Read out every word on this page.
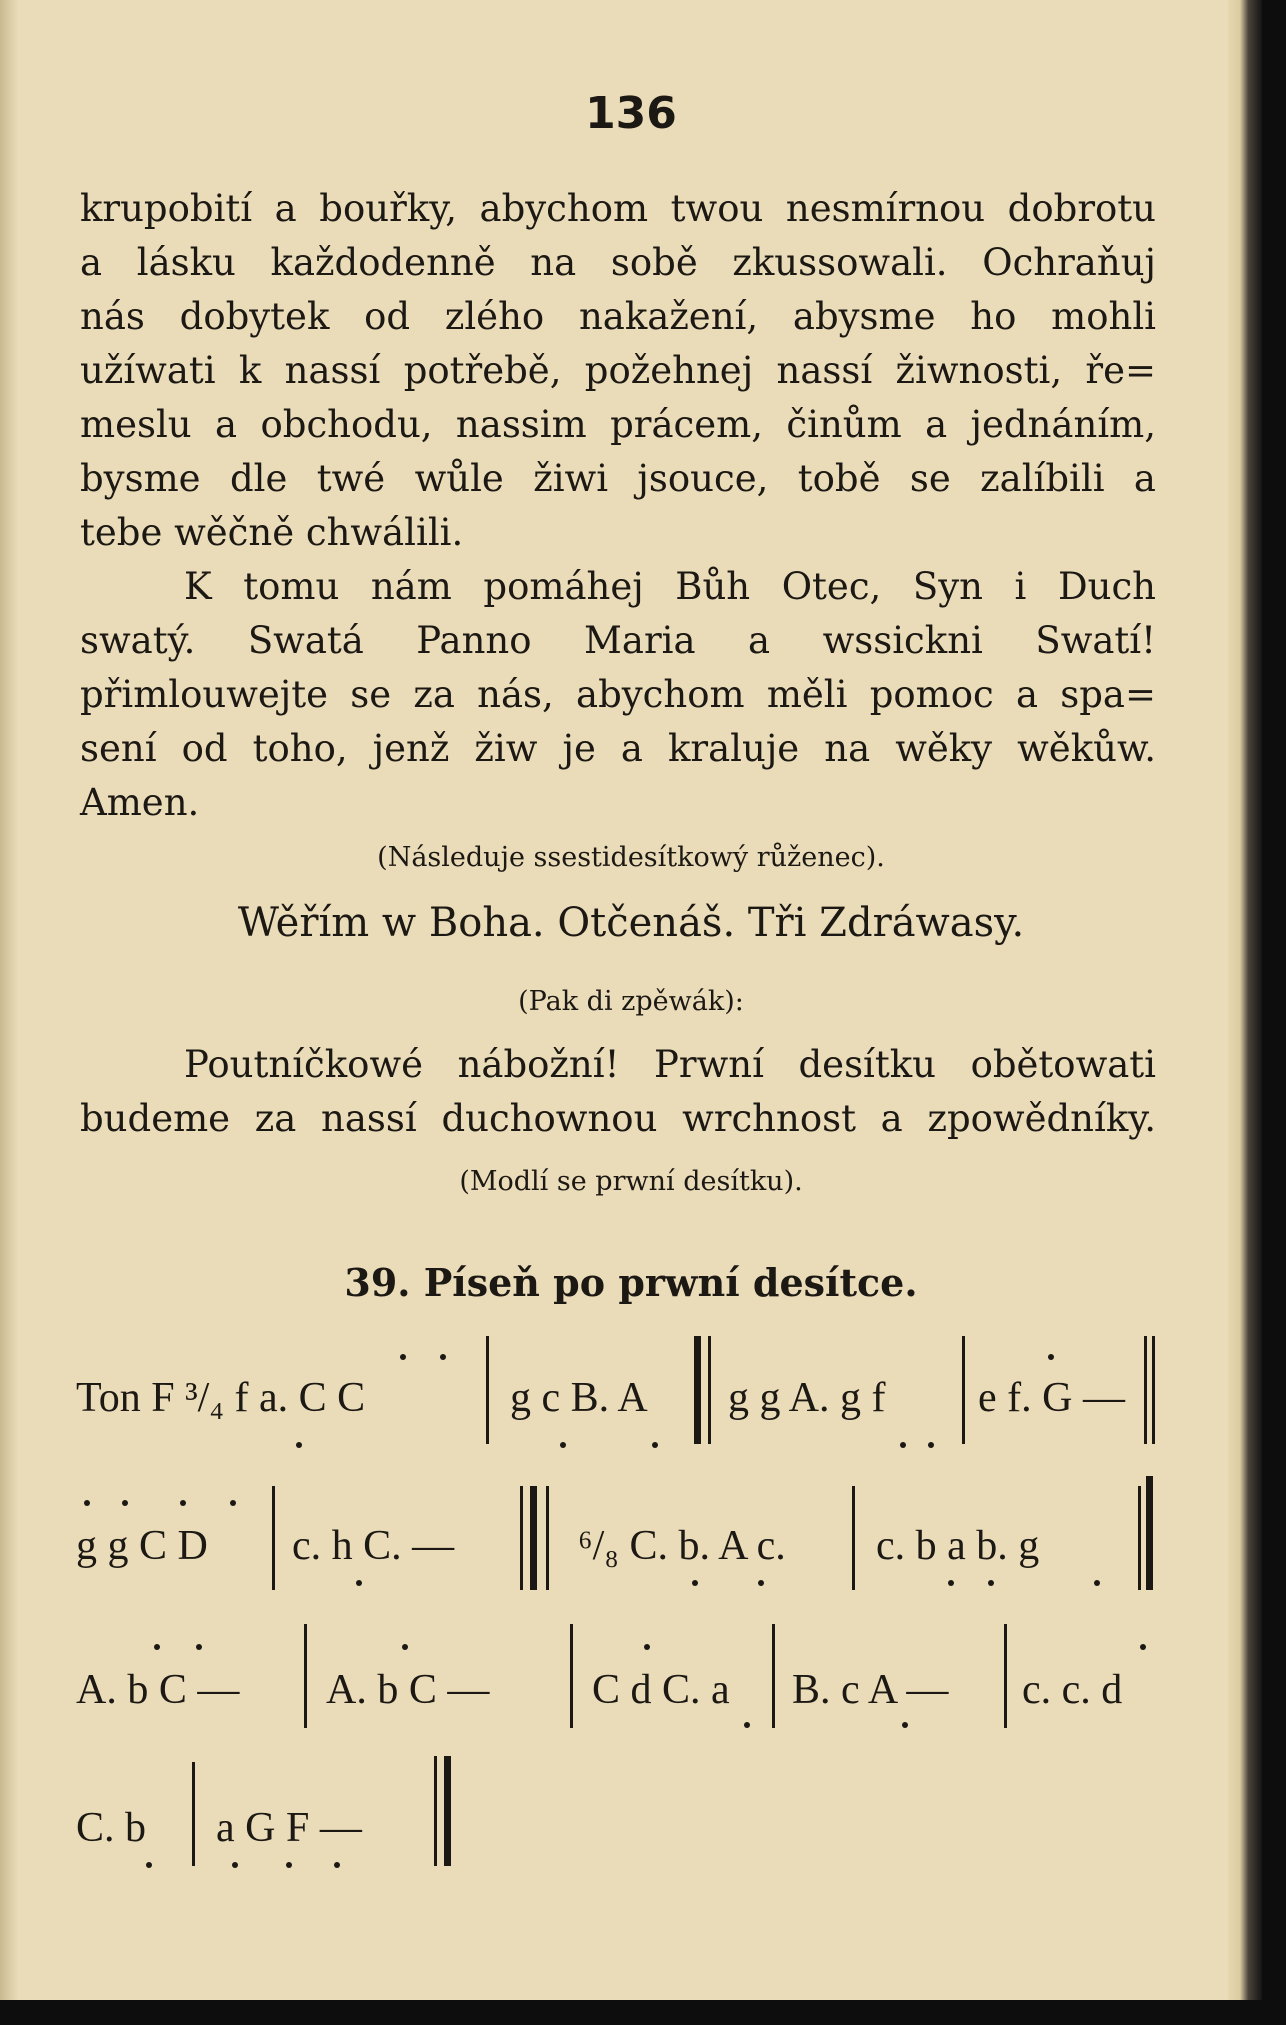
136
krupobití a bouřky, abychom twou nesmírnou dobrotu
a lásku každodenně na sobě zkussowali. Ochraňuj
nás dobytek od zlého nakažení, abysme ho mohli
užíwati k nassí potřebě, požehnej nassí žiwnosti, ře=
meslu a obchodu, nassim prácem, činům a jednáním,
bysme dle twé wůle žiwi jsouce, tobě se zalíbili a
tebe wěčně chwálili.
K tomu nám pomáhej Bůh Otec, Syn i Duch
swatý. Swatá Panno Maria a wssickni Swatí!
přimlouwejte se za nás, abychom měli pomoc a spa=
sení od toho, jenž žiw je a kraluje na wěky wěkůw.
Amen.
(Následuje ssestidesítkowý růženec).
Wěřím w Boha. Otčenáš. Tři Zdráwasy.
(Pak di zpěwák):
Poutníčkowé nábožní! Prwní desítku obětowati
budeme za nassí duchownou wrchnost a zpowědníky.
(Modlí se prwní desítku).
39. Píseň po prwní desítce.
Ton F ³/₄ f a. C C	g c B. A g g A. g f e f. G —
g g C D c. h C. —	⁶/₈ C. b. A c. c. b a b. g
A. b C — A. b C — C d C. a B. c A — c. c. d
C. b a G F —
